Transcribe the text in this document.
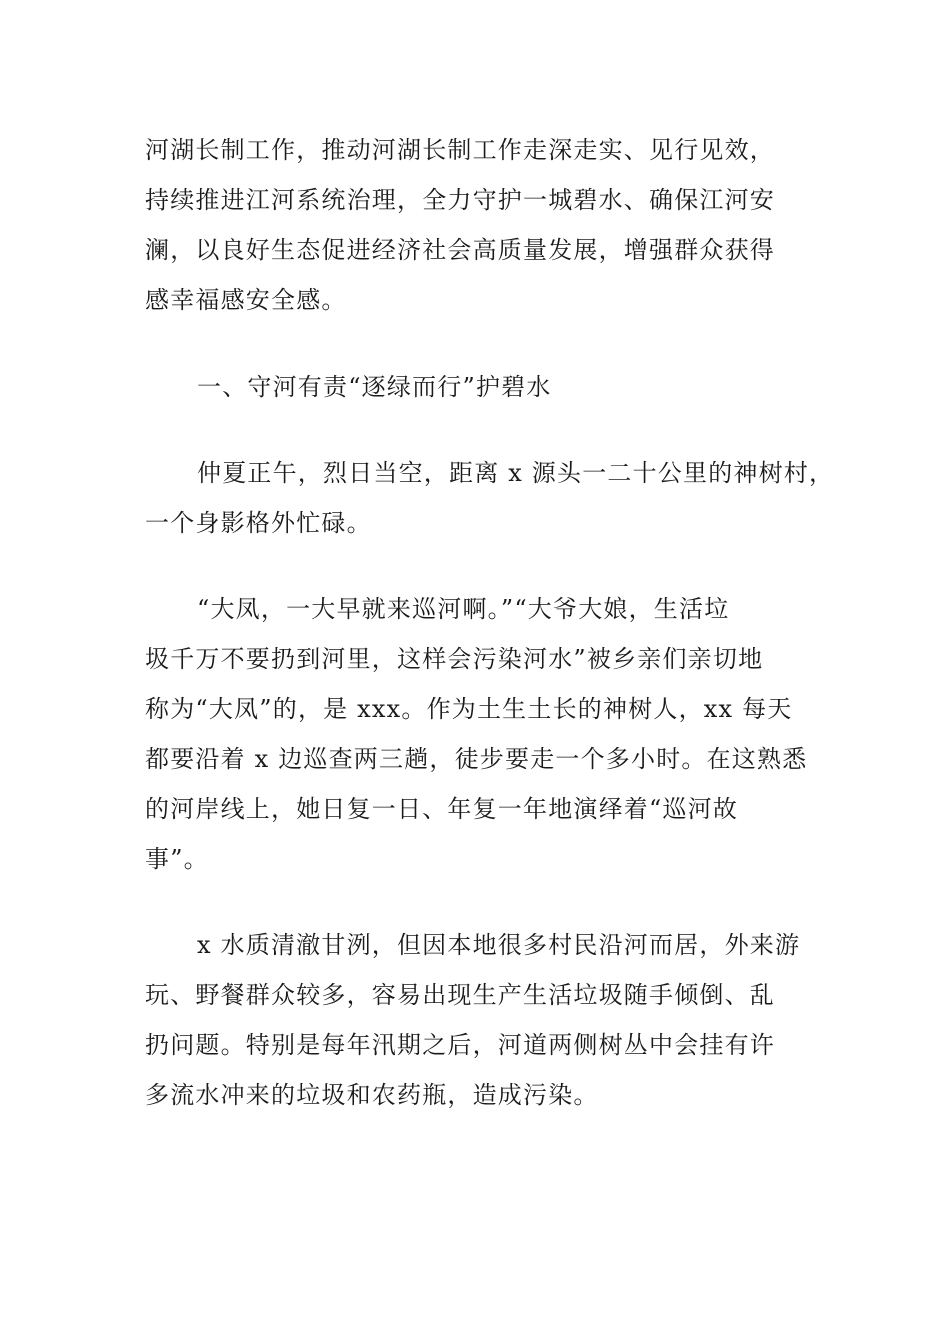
河湖长制工作，推动河湖长制工作走深走实、见行见效，
持续推进江河系统治理，全力守护一城碧水、确保江河安
澜，以良好生态促进经济社会高质量发展，增强群众获得
感幸福感安全感。
一、守河有责“逐绿而行”护碧水
仲夏正午，烈日当空，距离 x 源头一二十公里的神树村，
一个身影格外忙碌。
“大凤，一大早就来巡河啊。”“大爷大娘，生活垃
圾千万不要扔到河里，这样会污染河水”被乡亲们亲切地
称为“大凤”的，是 xxx。作为土生土长的神树人，xx 每天
都要沿着 x 边巡查两三趟，徒步要走一个多小时。在这熟悉
的河岸线上，她日复一日、年复一年地演绎着“巡河故
事”。
x 水质清澈甘洌，但因本地很多村民沿河而居，外来游
玩、野餐群众较多，容易出现生产生活垃圾随手倾倒、乱
扔问题。特别是每年汛期之后，河道两侧树丛中会挂有许
多流水冲来的垃圾和农药瓶，造成污染。
